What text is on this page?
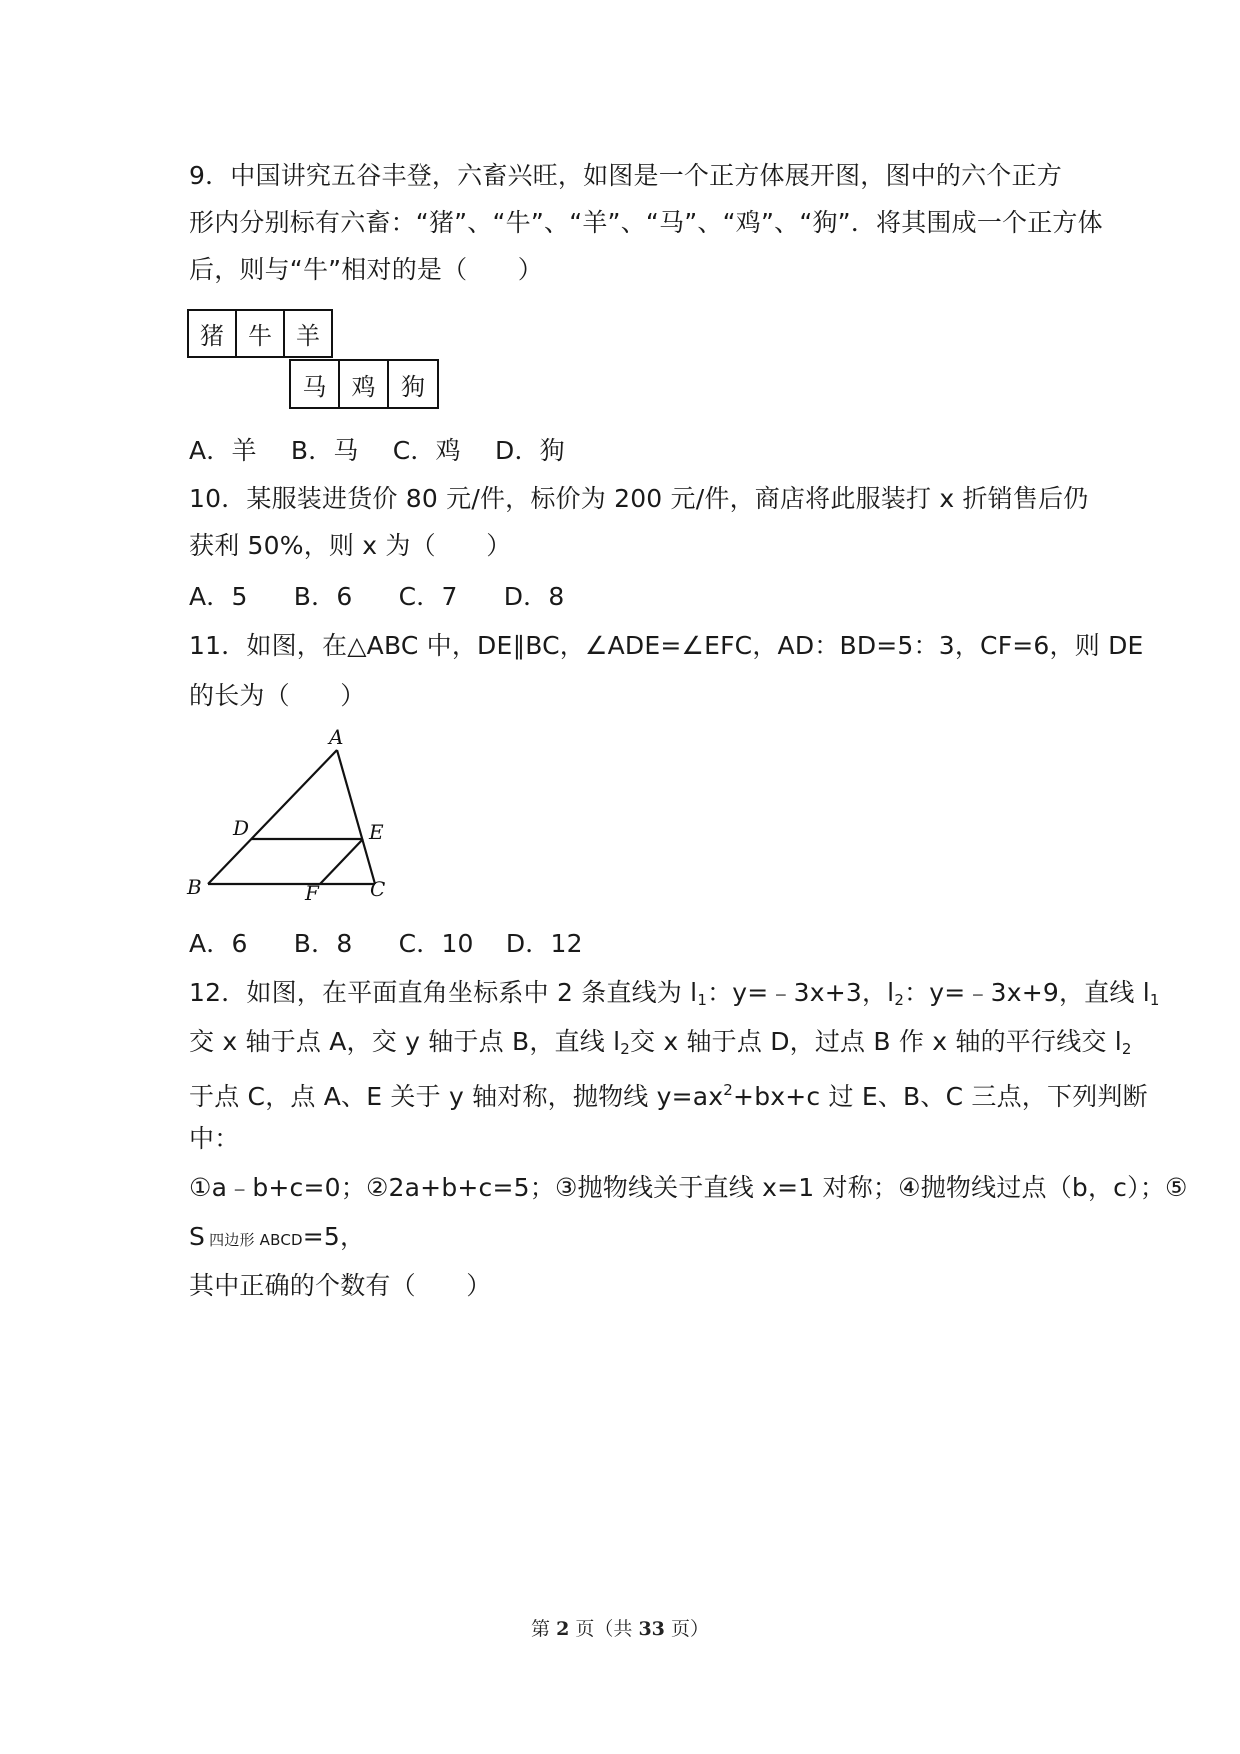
9．中国讲究五谷丰登，六畜兴旺，如图是一个正方体展开图，图中的六个正方
形内分别标有六畜：“猪”、“牛”、“羊”、“马”、“鸡”、“狗”．将其围成一个正方体
后，则与“牛”相对的是（　　）
猪	牛	羊
马	鸡	狗
A．羊 B．马 C．鸡 D．狗
10．某服装进货价 80 元/件，标价为 200 元/件，商店将此服装打 x 折销售后仍
获利 50%，则 x 为（　　）
A．5 B．6 C．7 D．8
11．如图，在△ABC 中，DE∥BC，∠ADE=∠EFC，AD：BD=5：3，CF=6，则 DE
的长为（　　）
A
D	E
B	F	C
A．6 B．8 C．10 D．12
12．如图，在平面直角坐标系中 2 条直线为 $l_1$：y=﹣3x+3，$l_2$：y=﹣3x+9，直线 $l_1$
交 x 轴于点 A，交 y 轴于点 B，直线 $l_2$交 x 轴于点 D，过点 B 作 x 轴的平行线交 $l_2$
于点 C，点 A、E 关于 y 轴对称，抛物线 $y=ax^2+bx+c$ 过 E、B、C 三点，下列判断
中：
①a﹣b+c=0；②2a+b+c=5；③抛物线关于直线 x=1 对称；④抛物线过点（b，c）；⑤
S四边形 ABCD=5，
其中正确的个数有（　　）
第 2 页（共 33 页）
